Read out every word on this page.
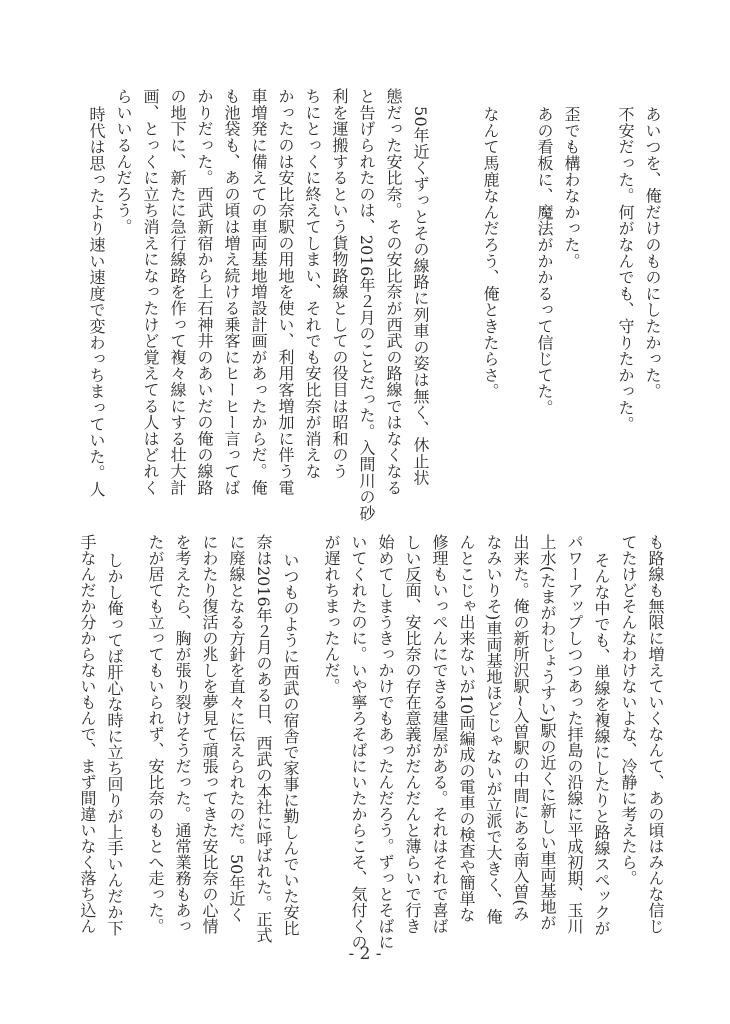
あいつを、俺だけのものにしたかった。
不安だった。何がなんでも、守りたかった。
歪でも構わなかった。
あの看板に、魔法がかかるって信じてた。
なんて馬鹿なんだろう、俺ときたらさ。
50年近くずっとその線路に列車の姿は無く、休止状
態だった安比奈。その安比奈が西武の路線ではなくなる
と告げられたのは、2016年２月のことだった。入間川の砂
利を運搬するという貨物路線としての役目は昭和のう
ちにとっくに終えてしまい、それでも安比奈が消えな
かったのは安比奈駅の用地を使い、利用客増加に伴う電
車増発に備えての車両基地増設計画があったからだ。俺
も池袋も、あの頃は増え続ける乗客にヒーヒー言ってば
かりだった。西武新宿から上石神井のあいだの俺の線路
の地下に、新たに急行線路を作って複々線にする壮大計
画、とっくに立ち消えになったけど覚えてる人はどれく
らいいるんだろう。
時代は思ったより速い速度で変わっちまっていた。人
も路線も無限に増えていくなんて、あの頃はみんな信じ
てたけどそんなわけないよな、冷静に考えたら。
そんな中でも、単線を複線にしたりと路線スペックが
パワーアップしつつあった拝島の沿線に平成初期、玉川
上水(たまがわじょうすい)駅の近くに新しい車両基地が
出来た。俺の新所沢駅~入曽駅の中間にある南入曽(み
なみいりそ)車両基地ほどじゃないが立派で大きく、俺
んとこじゃ出来ないが10両編成の電車の検査や簡単な
修理もいっぺんにできる建屋がある。それはそれで喜ば
しい反面、安比奈の存在意義がだんだんと薄らいで行き
始めてしまうきっかけでもあったんだろう。ずっとそばに
いてくれたのに。いや寧ろそばにいたからこそ、気付くの
が遅れちまったんだ。
いつものように西武の宿舎で家事に勤しんでいた安比
奈は2016年２月のある日、西武の本社に呼ばれた。正式
に廃線となる方針を直々に伝えられたのだ。50年近く
にわたり復活の兆しを夢見て頑張ってきた安比奈の心情
を考えたら、胸が張り裂けそうだった。通常業務もあっ
たが居ても立ってもいられず、安比奈のもとへ走った。
しかし俺ってば肝心な時に立ち回りが上手いんだか下
手なんだか分からないもんで、まず間違いなく落ち込ん
- 2 -
